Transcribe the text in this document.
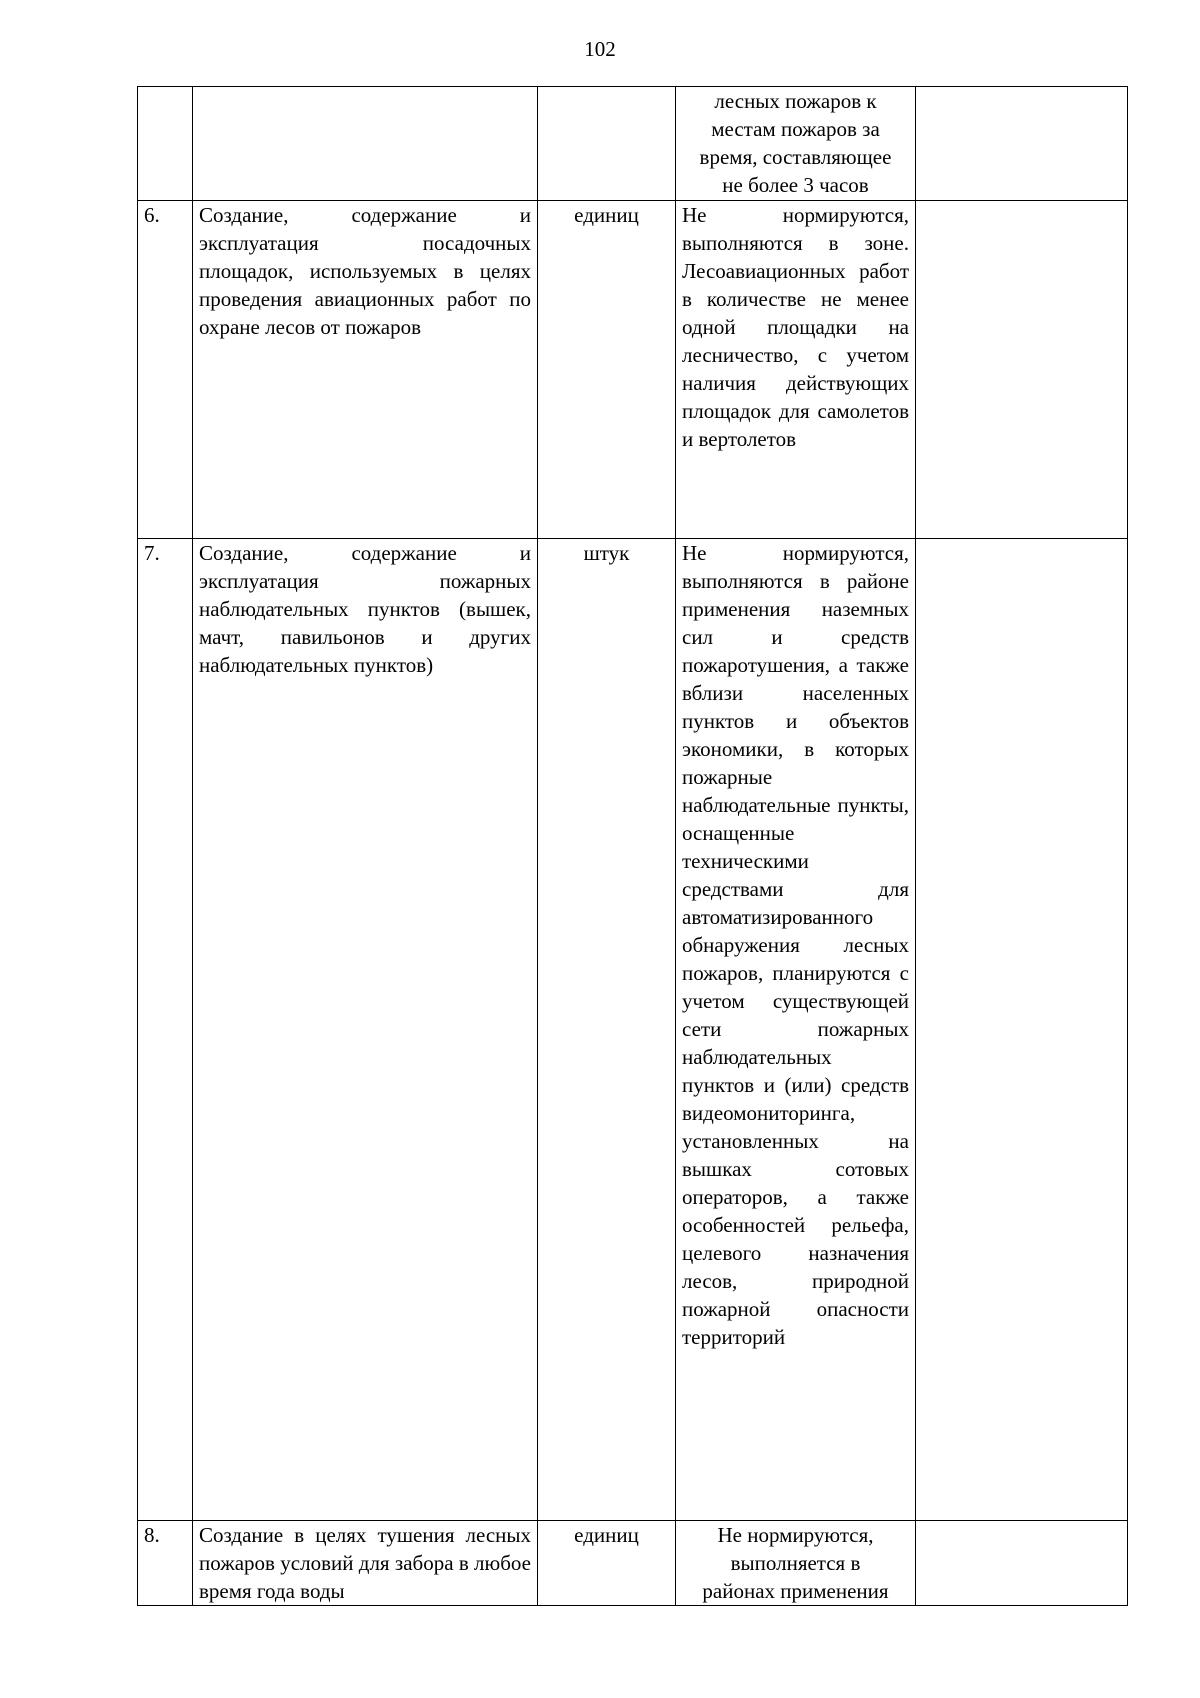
102

			лесных пожаров к
местам пожаров за
время, составляющее
не более 3 часов	

6.	Создание, содержание и эксплуатация посадочных площадок, используемых в целях проведения авиационных работ по охране лесов от пожаров	единиц	Не нормируются, выполняются в зоне. Лесоавиационных работ в количестве не менее одной площадки на лесничество, с учетом наличия действующих площадок для самолетов и вертолетов	
7.	Создание, содержание и эксплуатация пожарных наблюдательных пунктов (вышек, мачт, павильонов и других наблюдательных пунктов)	штук	Не нормируются, выполняются в районе применения наземных сил и средств пожаротушения, а также вблизи населенных пунктов и объектов экономики, в которых пожарные наблюдательные пункты, оснащенные техническими средствами для автоматизированного обнаружения лесных пожаров, планируются с учетом существующей сети пожарных наблюдательных пунктов и (или) средств видеомониторинга, установленных на вышках сотовых операторов, а также особенностей рельефа, целевого назначения лесов, природной пожарной опасности территорий	
8.	Создание в целях тушения лесных пожаров условий для забора в любое время года воды	единиц	Не нормируются,
выполняется в
районах применения	
